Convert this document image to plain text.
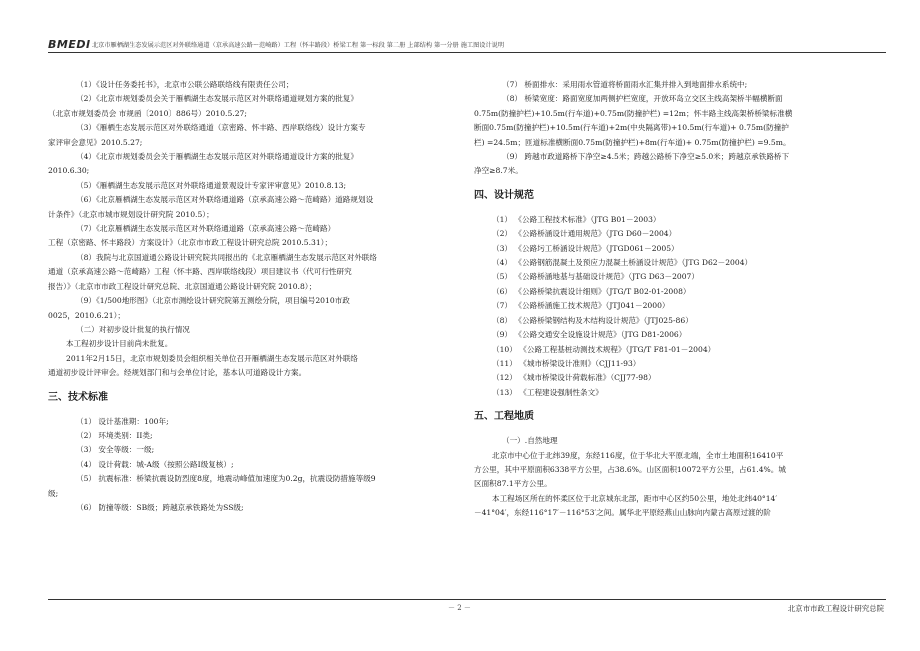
BMEDI 北京市雁栖湖生态发展示范区对外联络通道（京承高速公路～范崎路）工程（怀丰路段）桥梁工程 第一标段 第二册 上部结构 第一分册 施工图设计说明

（1）《设计任务委托书》，北京市公联公路联络线有限责任公司；

（2）《北京市规划委员会关于雁栖湖生态发展示范区对外联络通道规划方案的批复》

（北京市规划委员会 市规函〔2010〕886号）2010.5.27;

（3）《雁栖生态发展示范区对外联络通道（京密路、怀丰路、西岸联络线）设计方案专

家评审会意见》2010.5.27;

（4）《北京市规划委员会关于雁栖湖生态发展示范区对外联络通道设计方案的批复》

2010.6.30;

（5）《雁栖湖生态发展示范区对外联络通道景观设计专家评审意见》2010.8.13;

（6）《北京雁栖湖生态发展示范区对外联络通道路（京承高速公路～范崎路）道路规划设

计条件》（北京市城市规划设计研究院 2010.5）；

（7）《北京雁栖湖生态发展示范区对外联络通道路（京承高速公路～范崎路）

工程（京密路、怀丰路段）方案设计》（北京市市政工程设计研究总院 2010.5.31）；

（8）我院与北京国道通公路设计研究院共同报出的《北京雁栖湖生态发展示范区对外联络

通道（京承高速公路～范崎路）工程（怀丰路、西岸联络线段）项目建议书（代可行性研究

报告）》（北京市市政工程设计研究总院、北京国道通公路设计研究院 2010.8）；

（9）《1/500地形图》（北京市测绘设计研究院第五测绘分院，项目编号2010市政

0025，2010.6.21）；

（二）对初步设计批复的执行情况

本工程初步设计目前尚未批复。

2011年2月15日，北京市规划委员会组织相关单位召开雁栖湖生态发展示范区对外联络

通道初步设计评审会。经规划部门和与会单位讨论，基本认可道路设计方案。

三、技术标准

（1） 设计基准期：100年;

（2） 环境类别：II类;

（3） 安全等级：一级;

（4） 设计荷载：城-A级（按照公路Ⅰ级复核）;

（5） 抗震标准：桥梁抗震设防烈度8度，地震动峰值加速度为0.2g，抗震设防措施等级9

级;

（6） 防撞等级：SB级；跨越京承铁路处为SS级;

（7） 桥面排水：采用雨水管道将桥面雨水汇集并排入到地面排水系统中;

（8） 桥梁宽度：路面宽度加两侧护栏宽度，开放环岛立交区主线高架桥半幅横断面

0.75m(防撞护栏)+10.5m(行车道)+0.75m(防撞护栏) =12m；怀丰路主线高架桥桥梁标准横

断面0.75m(防撞护栏)+10.5m(行车道)+2m(中央隔离带)+10.5m(行车道)+ 0.75m(防撞护

栏) =24.5m；匝道标准横断面0.75m(防撞护栏)+8m(行车道)+ 0.75m(防撞护栏) =9.5m。

（9） 跨越市政道路桥下净空≥4.5米；跨越公路桥下净空≥5.0米；跨越京承铁路桥下

净空≥8.7米。

四、设计规范

（1） 《公路工程技术标准》（JTG B01－2003）

（2） 《公路桥涵设计通用规范》（JTG D60－2004）

（3） 《公路圬工桥涵设计规范》（JTGD061－2005）

（4） 《公路钢筋混凝土及预应力混凝土桥涵设计规范》（JTG D62－2004）

（5） 《公路桥涵地基与基础设计规范》（JTG D63－2007）

（6） 《公路桥梁抗震设计细则》（JTG/T B02-01-2008）

（7） 《公路桥涵施工技术规范》（JTJ041－2000）

（8） 《公路桥梁钢结构及木结构设计规范》（JTJ025-86）

（9） 《公路交通安全设施设计规范》（JTG D81-2006）

（10） 《公路工程基桩动测技术规程》（JTG/T F81-01－2004）

（11） 《城市桥梁设计准则》（CJJ11-93）

（12） 《城市桥梁设计荷载标准》（CJJ77-98）

（13） 《工程建设强制性条文》

五、工程地质

（一）.自然地理

北京市中心位于北纬39度，东经116度，位于华北大平原北端，全市土地面积16410平

方公里，其中平原面积6338平方公里，占38.6%。山区面积10072平方公里，占61.4%。城

区面积87.1平方公里。

本工程场区所在的怀柔区位于北京城东北部，距市中心区约50公里，地处北纬40°14′

－41°04′，东经116°17′－116°53′之间。属华北平原经燕山山脉向内蒙古高原过渡的阶

－ 2 －	北京市市政工程设计研究总院
